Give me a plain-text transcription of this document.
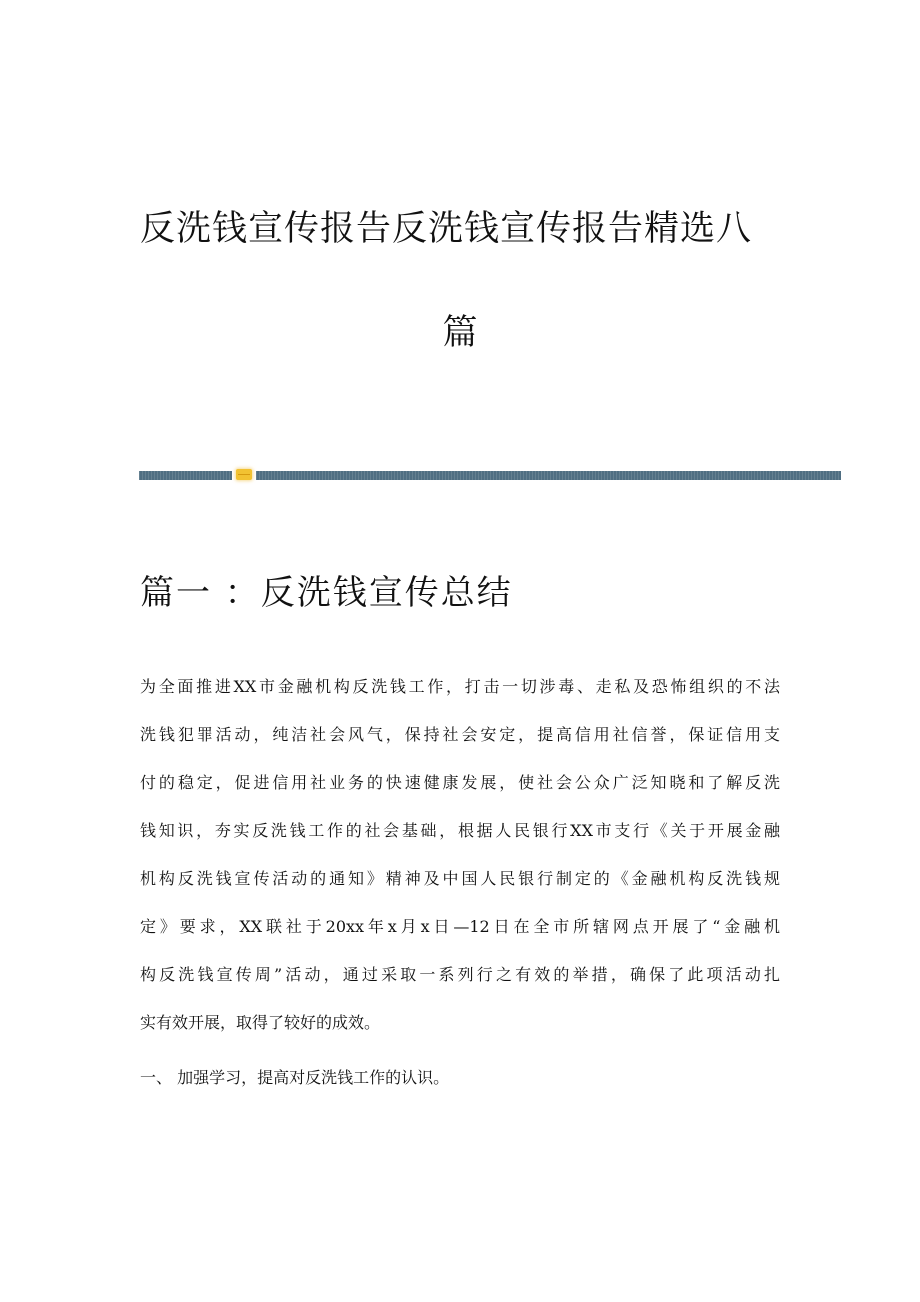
反洗钱宣传报告反洗钱宣传报告精选八
篇
篇一 ：反洗钱宣传总结
为全面推进XX市金融机构反洗钱工作，打击一切涉毒、走私及恐怖组织的不法
洗钱犯罪活动，纯洁社会风气，保持社会安定，提高信用社信誉，保证信用支
付的稳定，促进信用社业务的快速健康发展，使社会公众广泛知晓和了解反洗
钱知识，夯实反洗钱工作的社会基础，根据人民银行XX市支行《关于开展金融
机构反洗钱宣传活动的通知》精神及中国人民银行制定的《金融机构反洗钱规
定》要求，XX联社于20xx年x月x日—12日在全市所辖网点开展了“金融机
构反洗钱宣传周”活动，通过采取一系列行之有效的举措，确保了此项活动扎
实有效开展，取得了较好的成效。
一、 加强学习，提高对反洗钱工作的认识。
